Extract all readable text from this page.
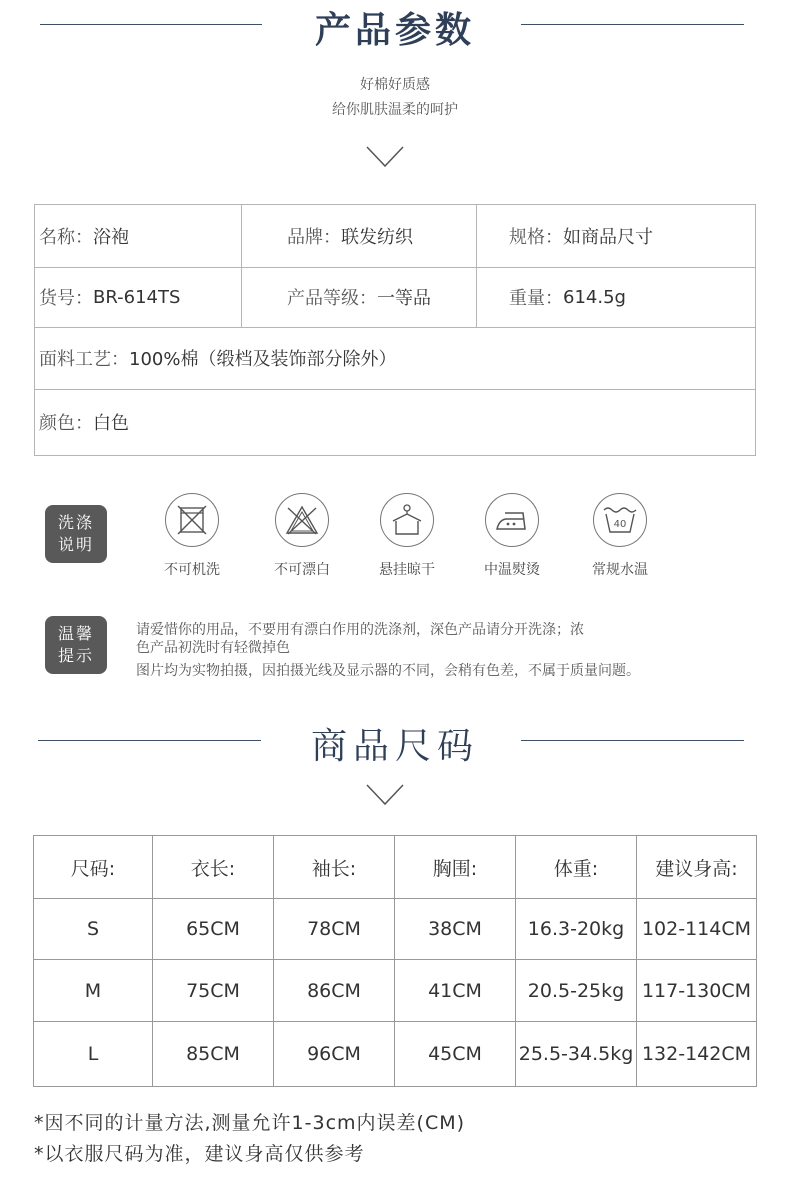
产品参数
好棉好质感
给你肌肤温柔的呵护
名称： 浴袍	品牌： 联发纺织	规格： 如商品尺寸
货号： BR-614TS	产品等级： 一等品	重量： 614.5g
面料工艺： 100%棉（缎档及装饰部分除外）
颜色： 白色
洗涤
说明
不可机洗	不可漂白	悬挂晾干	中温熨烫
40
常规水温
温馨
提示
请爱惜你的用品，不要用有漂白作用的洗涤剂，深色产品请分开洗涤；浓
色产品初洗时有轻微掉色
图片均为实物拍摄，因拍摄光线及显示器的不同，会稍有色差，不属于质量问题。
商品尺码
尺码:	衣长:	袖长:	胸围:	体重:	建议身高:
S	65CM	78CM	38CM	16.3-20kg 102-114CM
M	75CM	86CM	41CM	20.5-25kg 117-130CM
L	85CM	96CM	45CM	25.5-34.5kg 132-142CM
*因不同的计量方法,测量允许1-3cm内误差(CM)
*以衣服尺码为准，建议身高仅供参考
